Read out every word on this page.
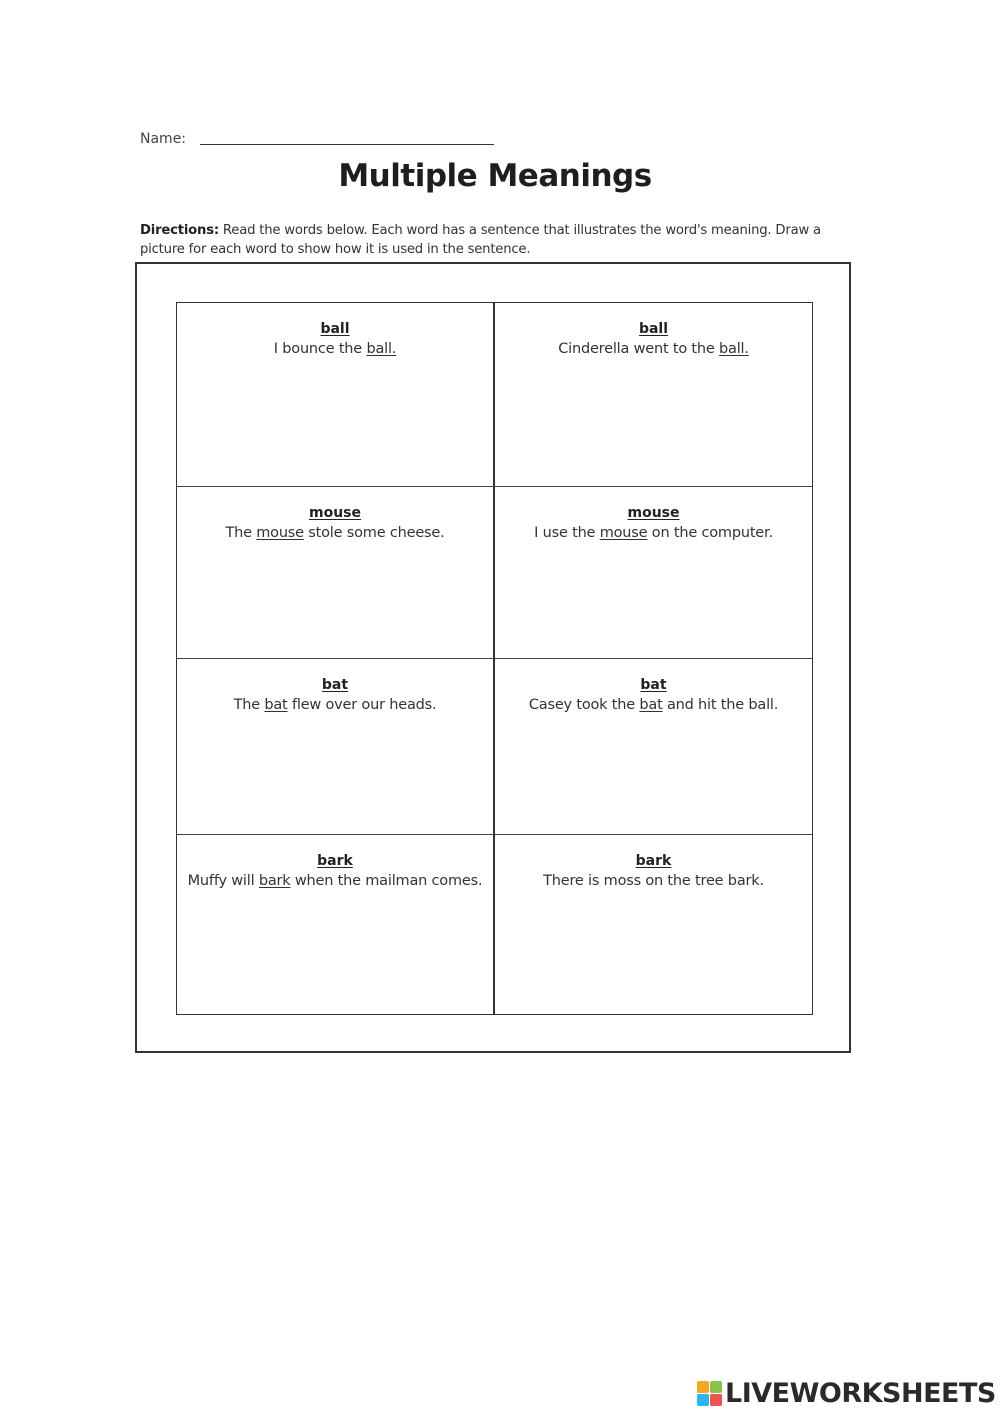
Name:
Multiple Meanings
Directions: Read the words below. Each word has a sentence that illustrates the word's meaning. Draw a picture for each word to show how it is used in the sentence.
ball
I bounce the ball.
ball
Cinderella went to the ball.
mouse
The mouse stole some cheese.
mouse
I use the mouse on the computer.
bat
The bat flew over our heads.
bat
Casey took the bat and hit the ball.
bark
Muffy will bark when the mailman comes.
bark
There is moss on the tree bark.
LIVEWORKSHEETS
